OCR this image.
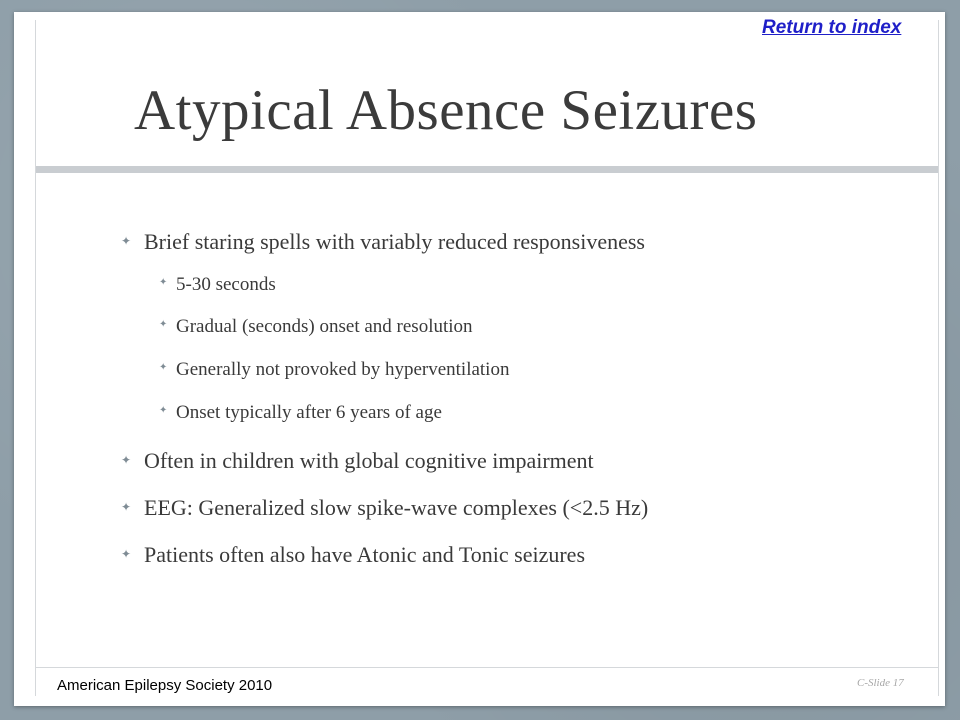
Return to index
Atypical Absence Seizures
✦ Brief staring spells with variably reduced responsiveness
✦ 5-30 seconds
✦ Gradual (seconds) onset and resolution
✦ Generally not provoked by hyperventilation
✦ Onset typically after 6 years of age
✦ Often in children with global cognitive impairment
✦ EEG: Generalized slow spike-wave complexes (<2.5 Hz)
✦ Patients often also have Atonic and Tonic seizures
American Epilepsy Society 2010	C-Slide 17
